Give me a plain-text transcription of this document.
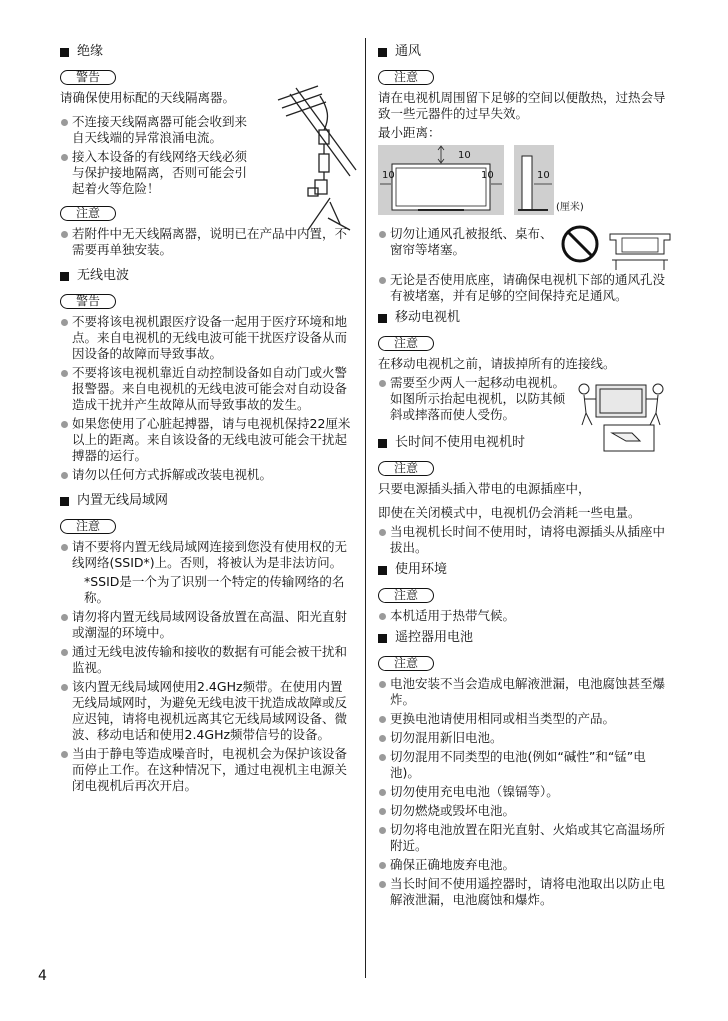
绝缘
警告

请确保使用标配的天线隔离器。

不连接天线隔离器可能会收到来自天线端的异常浪涌电流。
接入本设备的有线网络天线必须与保护接地隔离，否则可能会引起着火等危险！
注意
若附件中无天线隔离器，说明已在产品中内置，不需要再单独安装。
无线电波
警告
不要将该电视机跟医疗设备一起用于医疗环境和地点。来自电视机的无线电波可能干扰医疗设备从而因设备的故障而导致事故。
不要将该电视机靠近自动控制设备如自动门或火警报警器。来自电视机的无线电波可能会对自动设备造成干扰并产生故障从而导致事故的发生。
如果您使用了心脏起搏器，请与电视机保持22厘米以上的距离。来自该设备的无线电波可能会干扰起搏器的运行。
请勿以任何方式拆解或改装电视机。
内置无线局域网
注意
请不要将内置无线局域网连接到您没有使用权的无线网络(SSID*)上。否则，将被认为是非法访问。

*SSID是一个为了识别一个特定的传输网络的名称。

请勿将内置无线局域网设备放置在高温、阳光直射或潮湿的环境中。
通过无线电波传输和接收的数据有可能会被干扰和监视。
该内置无线局域网使用2.4GHz频带。在使用内置无线局域网时，为避免无线电波干扰造成故障或反应迟钝，请将电视机远离其它无线局域网设备、微波、移动电话和使用2.4GHz频带信号的设备。
当由于静电等造成噪音时，电视机会为保护该设备而停止工作。在这种情况下，通过电视机主电源关闭电视机后再次开启。
通风
注意

请在电视机周围留下足够的空间以便散热，过热会导致一些元器件的过早失效。

最小距离：

10
10	10	10
(厘米)
切勿让通风孔被报纸、桌布、窗帘等堵塞。
无论是否使用底座，请确保电视机下部的通风孔没有被堵塞，并有足够的空间保持充足通风。
移动电视机
注意

在移动电视机之前，请拔掉所有的连接线。

需要至少两人一起移动电视机。如图所示抬起电视机，以防其倾斜或摔落而使人受伤。
长时间不使用电视机时
注意

只要电源插头插入带电的电源插座中，

即使在关闭模式中，电视机仍会消耗一些电量。

当电视机长时间不使用时，请将电源插头从插座中拔出。
使用环境
注意
本机适用于热带气候。
遥控器用电池
注意
电池安装不当会造成电解液泄漏，电池腐蚀甚至爆炸。
更换电池请使用相同或相当类型的产品。
切勿混用新旧电池。
切勿混用不同类型的电池(例如“碱性”和“锰”电池)。
切勿使用充电电池（镍镉等）。
切勿燃烧或毁坏电池。
切勿将电池放置在阳光直射、火焰或其它高温场所附近。
确保正确地废弃电池。
当长时间不使用遥控器时，请将电池取出以防止电解液泄漏，电池腐蚀和爆炸。
4
